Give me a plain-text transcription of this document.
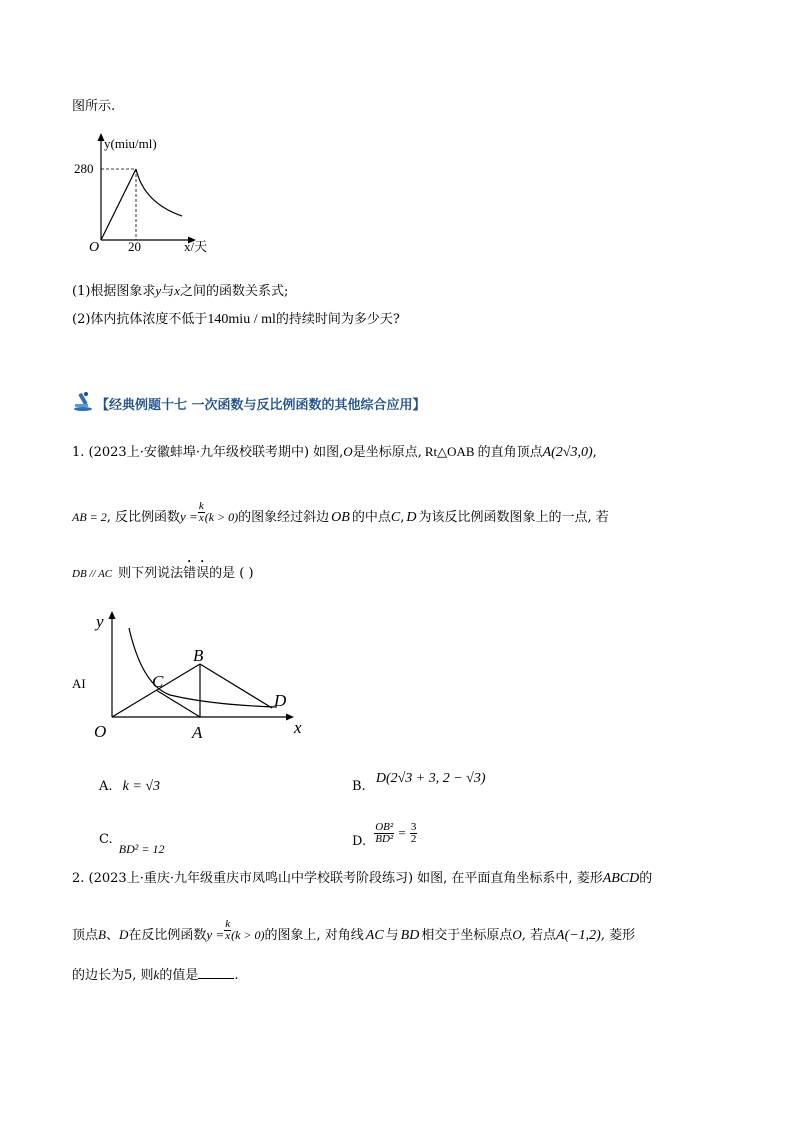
图所示.
y(miu/ml)
280
20
O	x/天
(1)根据图象求y与x之间的函数关系式;
(2)体内抗体浓度不低于140miu / ml的持续时间为多少天?
【经典例题十七 一次函数与反比例函数的其他综合应用】
1. (2023上·安徽蚌埠·九年级校联考期中) 如图,O是坐标原点, Rt△OAB 的直角顶点A(2√3,0),
AB = 2, 反比例函数$y = \frac{k}{x} (k > 0)$的图象经过斜边 OB 的中点C, D 为该反比例函数图象上的一点, 若
DB // AC 则下列说法错误的是 ( )
AI
y
x
O	A
B
C
D
A. k = √3	B. D(2√3 + 3, 2 − √3)
C. BD² = 12	D. $\frac{\text{OB²}}{\text{BD²}} = \frac{3}{2}$
2. (2023上·重庆·九年级重庆市凤鸣山中学校联考阶段练习) 如图, 在平面直角坐标系中, 菱形ABCD的
顶点B、D在反比例函数$y = \frac{k}{x} (k > 0)$的图象上, 对角线 AC 与 BD 相交于坐标原点O, 若点A(−1,2), 菱形
的边长为5, 则k的值是	.
